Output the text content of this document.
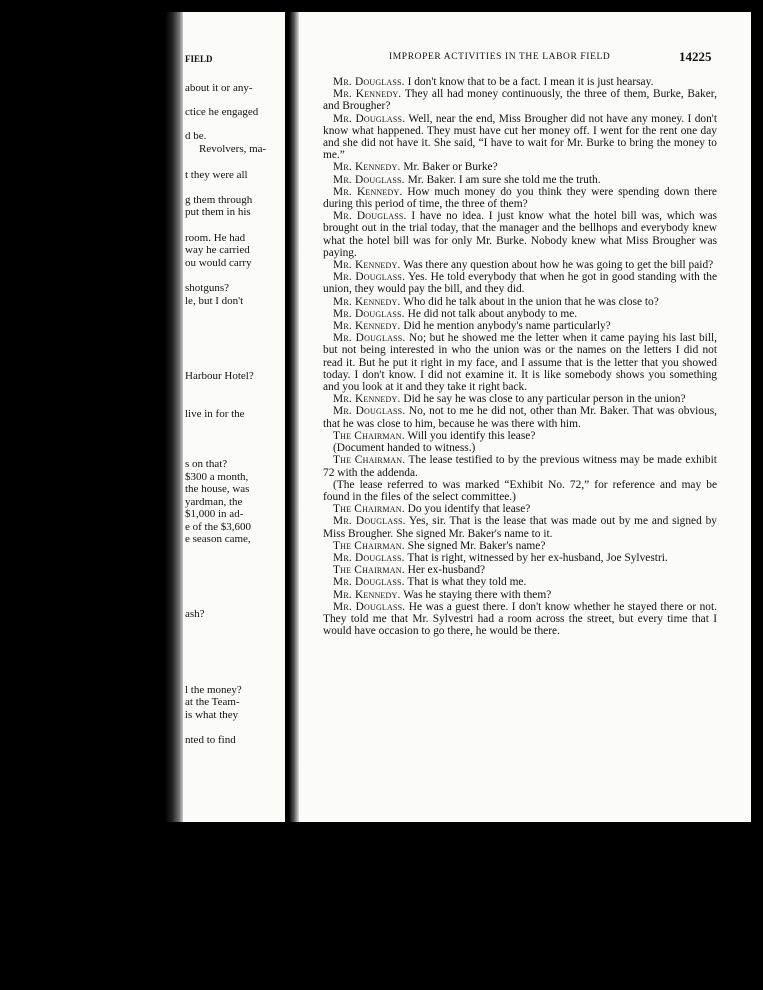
FIELD
about it or any-
ctice he engaged
d be.
Revolvers, ma-
t they were all
g them through
put them in his
room. He had
way he carried
ou would carry
shotguns?
le, but I don't
Harbour Hotel?
live in for the
s on that?
$300 a month,
the house, was
yardman, the
$1,000 in ad-
e of the $3,600
e season came,
ash?
l the money?
at the Team-
is what they
nted to find
IMPROPER ACTIVITIES IN THE LABOR FIELD	14225

Mr. Douglass. I don't know that to be a fact. I mean it is just hearsay.

Mr. Kennedy. They all had money continuously, the three of them, Burke, Baker, and Brougher?

Mr. Douglass. Well, near the end, Miss Brougher did not have any money. I don't know what happened. They must have cut her money off. I went for the rent one day and she did not have it. She said, “I have to wait for Mr. Burke to bring the money to me.”

Mr. Kennedy. Mr. Baker or Burke?

Mr. Douglass. Mr. Baker. I am sure she told me the truth.

Mr. Kennedy. How much money do you think they were spending down there during this period of time, the three of them?

Mr. Douglass. I have no idea. I just know what the hotel bill was, which was brought out in the trial today, that the manager and the bellhops and everybody knew what the hotel bill was for only Mr. Burke. Nobody knew what Miss Brougher was paying.

Mr. Kennedy. Was there any question about how he was going to get the bill paid?

Mr. Douglass. Yes. He told everybody that when he got in good standing with the union, they would pay the bill, and they did.

Mr. Kennedy. Who did he talk about in the union that he was close to?

Mr. Douglass. He did not talk about anybody to me.

Mr. Kennedy. Did he mention anybody's name particularly?

Mr. Douglass. No; but he showed me the letter when it came paying his last bill, but not being interested in who the union was or the names on the letters I did not read it. But he put it right in my face, and I assume that is the letter that you showed today. I don't know. I did not examine it. It is like somebody shows you something and you look at it and they take it right back.

Mr. Kennedy. Did he say he was close to any particular person in the union?

Mr. Douglass. No, not to me he did not, other than Mr. Baker. That was obvious, that he was close to him, because he was there with him.

The Chairman. Will you identify this lease?

(Document handed to witness.)

The Chairman. The lease testified to by the previous witness may be made exhibit 72 with the addenda.

(The lease referred to was marked “Exhibit No. 72,” for reference and may be found in the files of the select committee.)

The Chairman. Do you identify that lease?

Mr. Douglass. Yes, sir. That is the lease that was made out by me and signed by Miss Brougher. She signed Mr. Baker's name to it.

The Chairman. She signed Mr. Baker's name?

Mr. Douglass. That is right, witnessed by her ex-husband, Joe Sylvestri.

The Chairman. Her ex-husband?

Mr. Douglass. That is what they told me.

Mr. Kennedy. Was he staying there with them?

Mr. Douglass. He was a guest there. I don't know whether he stayed there or not. They told me that Mr. Sylvestri had a room across the street, but every time that I would have occasion to go there, he would be there.
